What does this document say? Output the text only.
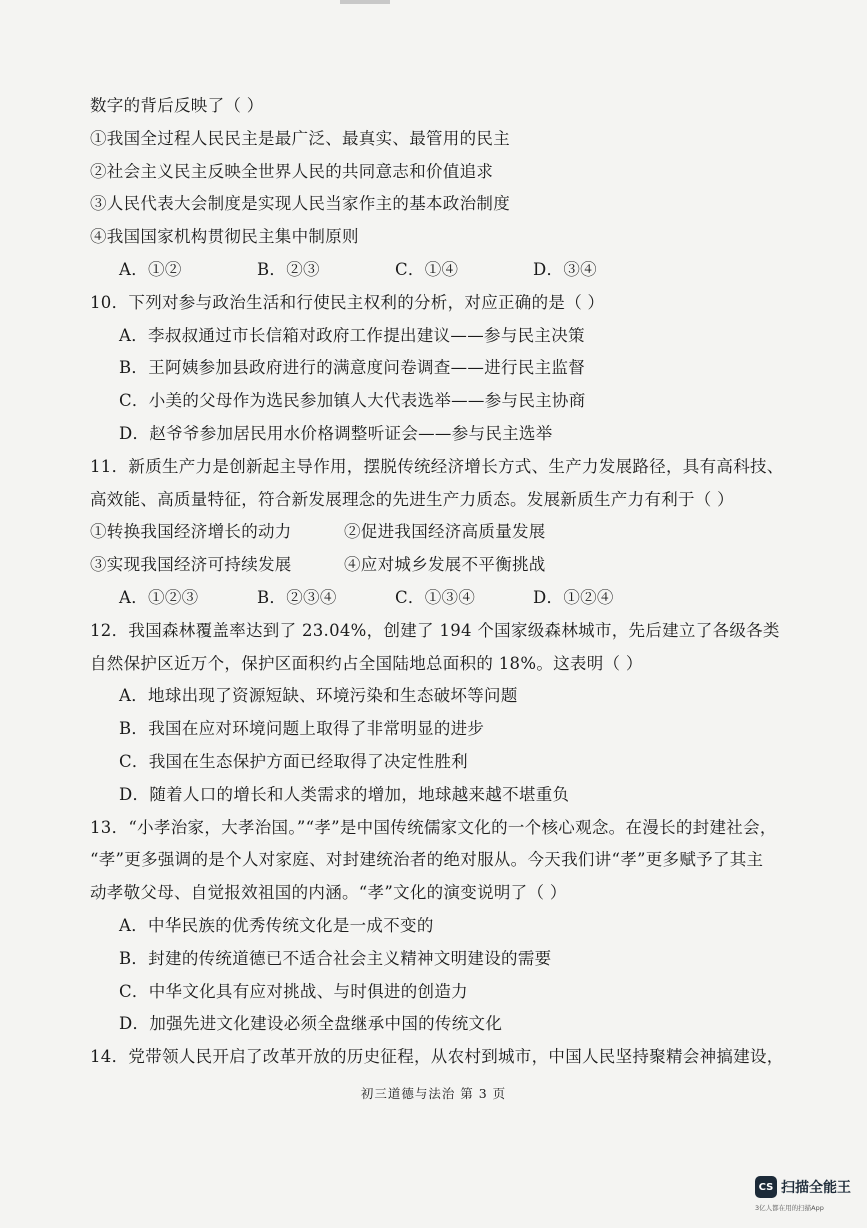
数字的背后反映了（ ）
①我国全过程人民民主是最广泛、最真实、最管用的民主
②社会主义民主反映全世界人民的共同意志和价值追求
③人民代表大会制度是实现人民当家作主的基本政治制度
④我国国家机构贯彻民主集中制原则
A．①②	B．②③	C．①④	D．③④
10．下列对参与政治生活和行使民主权利的分析，对应正确的是（ ）
A．李叔叔通过市长信箱对政府工作提出建议——参与民主决策
B．王阿姨参加县政府进行的满意度问卷调查——进行民主监督
C．小美的父母作为选民参加镇人大代表选举——参与民主协商
D．赵爷爷参加居民用水价格调整听证会——参与民主选举
11．新质生产力是创新起主导作用，摆脱传统经济增长方式、生产力发展路径，具有高科技、
高效能、高质量特征，符合新发展理念的先进生产力质态。发展新质生产力有利于（ ）
①转换我国经济增长的动力	②促进我国经济高质量发展
③实现我国经济可持续发展	④应对城乡发展不平衡挑战
A．①②③	B．②③④	C．①③④	D．①②④
12．我国森林覆盖率达到了 23.04%，创建了 194 个国家级森林城市，先后建立了各级各类
自然保护区近万个，保护区面积约占全国陆地总面积的 18%。这表明（ ）
A．地球出现了资源短缺、环境污染和生态破坏等问题
B．我国在应对环境问题上取得了非常明显的进步
C．我国在生态保护方面已经取得了决定性胜利
D．随着人口的增长和人类需求的增加，地球越来越不堪重负
13．“小孝治家，大孝治国。”“孝”是中国传统儒家文化的一个核心观念。在漫长的封建社会，
“孝”更多强调的是个人对家庭、对封建统治者的绝对服从。今天我们讲“孝”更多赋予了其主
动孝敬父母、自觉报效祖国的内涵。“孝”文化的演变说明了（ ）
A．中华民族的优秀传统文化是一成不变的
B．封建的传统道德已不适合社会主义精神文明建设的需要
C．中华文化具有应对挑战、与时俱进的创造力
D．加强先进文化建设必须全盘继承中国的传统文化
14．党带领人民开启了改革开放的历史征程，从农村到城市，中国人民坚持聚精会神搞建设，
初三道德与法治 第 3 页
CS 扫描全能王
3亿人都在用的扫描App
